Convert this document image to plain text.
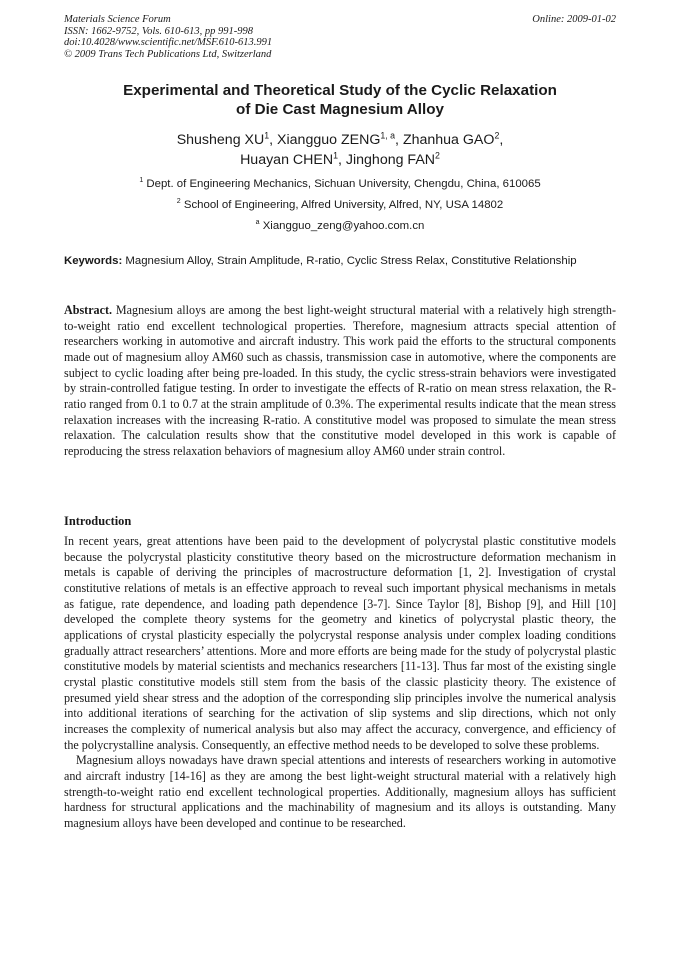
Materials Science Forum
ISSN: 1662-9752, Vols. 610-613, pp 991-998
doi:10.4028/www.scientific.net/MSF.610-613.991
© 2009 Trans Tech Publications Ltd, Switzerland
Online: 2009-01-02
Experimental and Theoretical Study of the Cyclic Relaxation
of Die Cast Magnesium Alloy
Shusheng $XU^1$, Xiangguo ZENG$^{1, a}$, Zhanhua GAO$^2$,
Huayan CHEN$^1$, Jinghong FAN$^2$
$^1$ Dept. of Engineering Mechanics, Sichuan University, Chengdu, China, 610065
$^2$ School of Engineering, Alfred University, Alfred, NY, USA 14802
$^a$ Xiangguo_zeng@yahoo.com.cn
Keywords: Magnesium Alloy, Strain Amplitude, R-ratio, Cyclic Stress Relax, Constitutive Relationship
Abstract. Magnesium alloys are among the best light-weight structural material with a relatively high strength-to-weight ratio end excellent technological properties. Therefore, magnesium attracts special attention of researchers working in automotive and aircraft industry. This work paid the efforts to the structural components made out of magnesium alloy AM60 such as chassis, transmission case in automotive, where the components are subject to cyclic loading after being pre-loaded. In this study, the cyclic stress-strain behaviors were investigated by strain-controlled fatigue testing. In order to investigate the effects of R-ratio on mean stress relaxation, the R-ratio ranged from 0.1 to 0.7 at the strain amplitude of 0.3%. The experimental results indicate that the mean stress relaxation increases with the increasing R-ratio. A constitutive model was proposed to simulate the mean stress relaxation. The calculation results show that the constitutive model developed in this work is capable of reproducing the stress relaxation behaviors of magnesium alloy AM60 under strain control.
Introduction

In recent years, great attentions have been paid to the development of polycrystal plastic constitutive models because the polycrystal plasticity constitutive theory based on the microstructure deformation mechanism in metals is capable of deriving the principles of macrostructure deformation [1, 2]. Investigation of crystal constitutive relations of metals is an effective approach to reveal such important physical mechanisms in metals as fatigue, rate dependence, and loading path dependence [3-7]. Since Taylor [8], Bishop [9], and Hill [10] developed the complete theory systems for the geometry and kinetics of polycrystal plastic theory, the applications of crystal plasticity especially the polycrystal response analysis under complex loading conditions gradually attract researchers’ attentions. More and more efforts are being made for the study of polycrystal plastic constitutive models by material scientists and mechanics researchers [11-13]. Thus far most of the existing single crystal plastic constitutive models still stem from the basis of the classic plasticity theory. The existence of presumed yield shear stress and the adoption of the corresponding slip principles involve the numerical analysis into additional iterations of searching for the activation of slip systems and slip directions, which not only increases the complexity of numerical analysis but also may affect the accuracy, convergence, and efficiency of the polycrystalline analysis. Consequently, an effective method needs to be developed to solve these problems.

Magnesium alloys nowadays have drawn special attentions and interests of researchers working in automotive and aircraft industry [14-16] as they are among the best light-weight structural material with a relatively high strength-to-weight ratio end excellent technological properties. Additionally, magnesium alloys has sufficient hardness for structural applications and the machinability of magnesium and its alloys is outstanding. Many magnesium alloys have been developed and continue to be researched.
